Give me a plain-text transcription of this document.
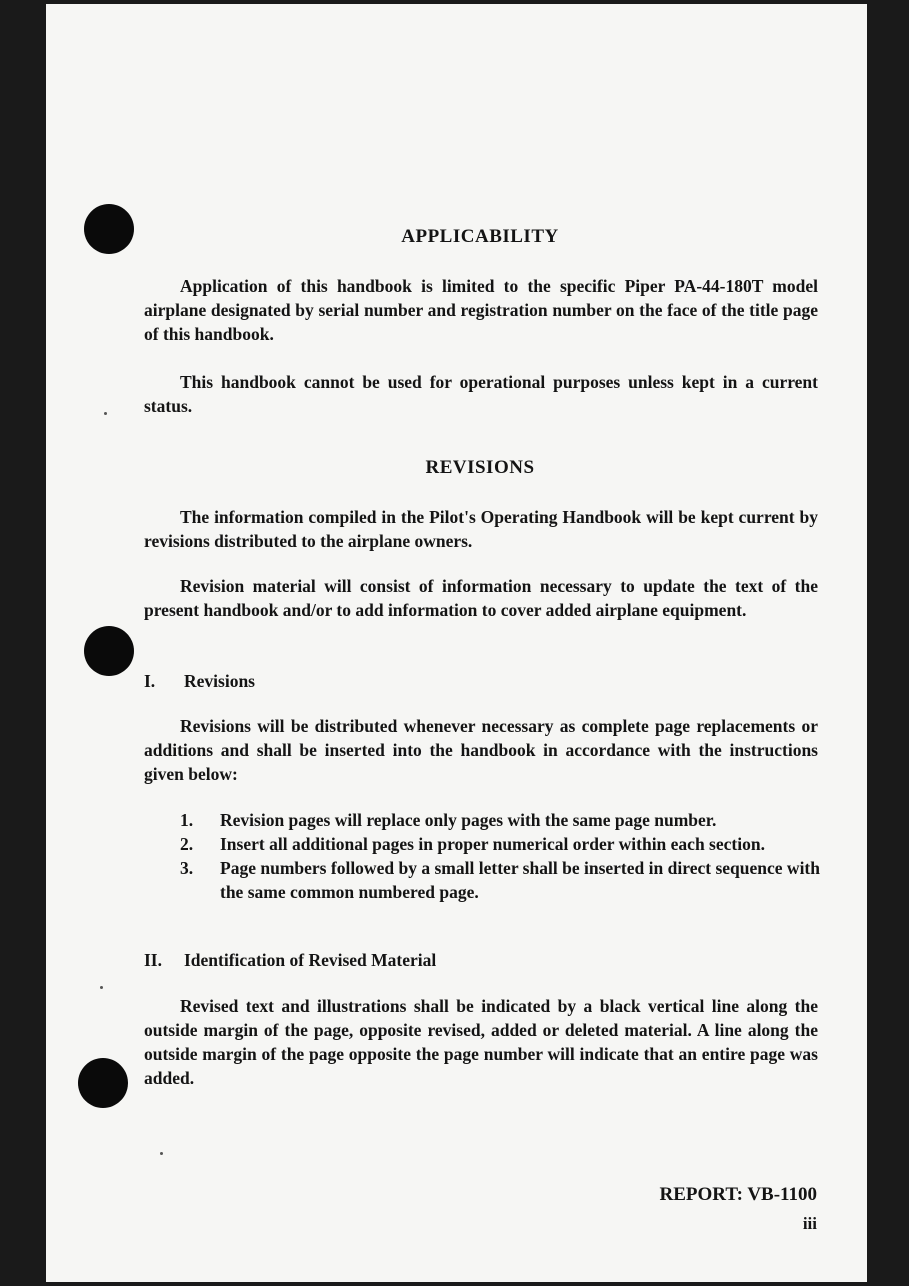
APPLICABILITY
Application of this handbook is limited to the specific Piper PA-44-180T model airplane designated by serial number and registration number on the face of the title page of this handbook.
This handbook cannot be used for operational purposes unless kept in a current status.
REVISIONS
The information compiled in the Pilot's Operating Handbook will be kept current by revisions distributed to the airplane owners.
Revision material will consist of information necessary to update the text of the present handbook and/or to add information to cover added airplane equipment.
I. Revisions
Revisions will be distributed whenever necessary as complete page replacements or additions and shall be inserted into the handbook in accordance with the instructions given below:
1. Revision pages will replace only pages with the same page number.
2. Insert all additional pages in proper numerical order within each section.
3. Page numbers followed by a small letter shall be inserted in direct sequence with the same common numbered page.
II. Identification of Revised Material
Revised text and illustrations shall be indicated by a black vertical line along the outside margin of the page, opposite revised, added or deleted material. A line along the outside margin of the page opposite the page number will indicate that an entire page was added.
REPORT: VB-1100
iii
